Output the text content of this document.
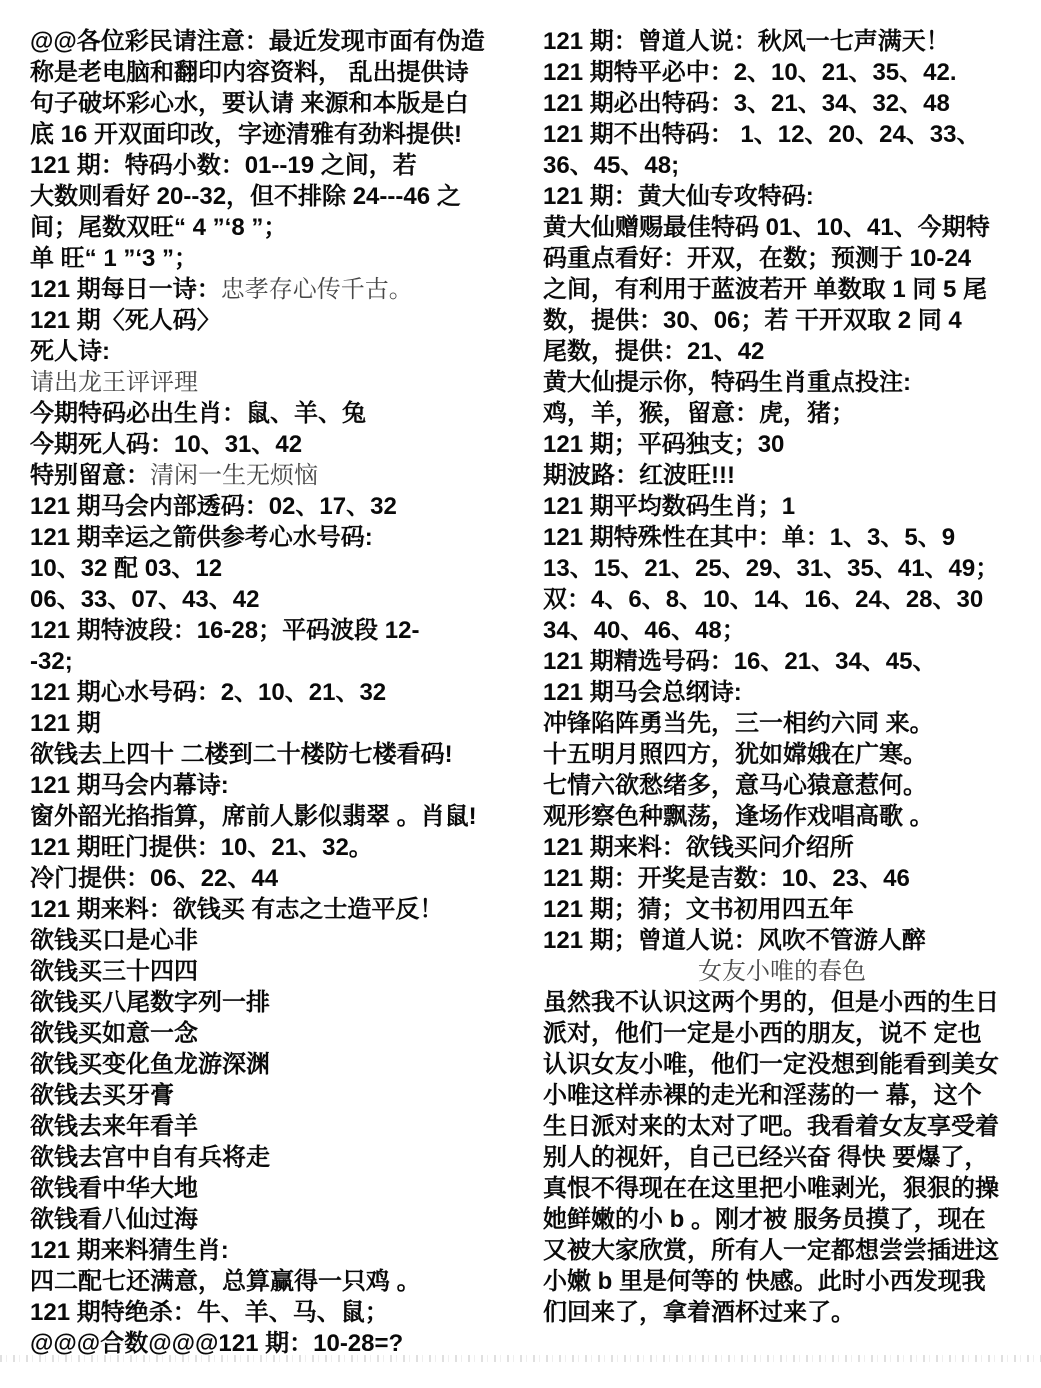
@@各位彩民请注意：最近发现市面有伪造
称是老电脑和翻印内容资料， 乱出提供诗
句子破坏彩心水，要认请 来源和本版是白
底 16 开双面印改，字迹清雅有劲料提供!
121 期：特码小数：01--19 之间，若
大数则看好 20--32，但不排除 24---46 之
间；尾数双旺“ 4 ”‘8 ”；
单 旺“ 1 ”‘3 ”；
121 期每日一诗：忠孝存心传千古。
121 期〈死人码〉
死人诗:
请出龙王评评理
今期特码必出生肖：鼠、羊、兔
今期死人码：10、31、42
特别留意：清闲一生无烦恼
121 期马会内部透码：02、17、32
121 期幸运之箭供参考心水号码:
10、32 配 03、12
06、33、07、43、42
121 期特波段：16-28；平码波段 12-
-32;
121 期心水号码：2、10、21、32
121 期
欲钱去上四十 二楼到二十楼防七楼看码!
121 期马会内幕诗:
窗外韶光掐指算，席前人影似翡翠 。肖鼠!
121 期旺门提供：10、21、32。
冷门提供：06、22、44
121 期来料：欲钱买 有志之士造平反！
欲钱买口是心非
欲钱买三十四四
欲钱买八尾数字列一排
欲钱买如意一念
欲钱买变化鱼龙游深渊
欲钱去买牙膏
欲钱去来年看羊
欲钱去宫中自有兵将走
欲钱看中华大地
欲钱看八仙过海
121 期来料猜生肖:
四二配七还满意，总算赢得一只鸡 。
121 期特绝杀：牛、羊、马、鼠；
@@@合数@@@121 期：10-28=?
121 期：曾道人说：秋风一七声满天！
121 期特平必中：2、10、21、35、42.
121 期必出特码：3、21、34、32、48
121 期不出特码： 1、12、20、24、33、
36、45、48;
121 期：黄大仙专攻特码:
黄大仙赠赐最佳特码 01、10、41、今期特
码重点看好：开双，在数；预测于 10-24
之间，有利用于蓝波若开 单数取 1 同 5 尾
数，提供：30、06；若 干开双取 2 同 4
尾数，提供：21、42
黄大仙提示你，特码生肖重点投注:
鸡，羊，猴，留意：虎，猪；
121 期；平码独支；30
期波路：红波旺!!!
121 期平均数码生肖；1
121 期特殊性在其中：单：1、3、5、9
13、15、21、25、29、31、35、41、49；
双：4、6、8、10、14、16、24、28、30
34、40、46、48；
121 期精选号码：16、21、34、45、
121 期马会总纲诗:
冲锋陷阵勇当先，三一相约六同 来。
十五明月照四方，犹如嫦娥在广寒。
七情六欲愁绪多，意马心猿意惹何。
观形察色种飘荡，逢场作戏唱高歌 。
121 期来料：欲钱买问介绍所
121 期：开奖是吉数：10、23、46
121 期；猜；文书初用四五年
121 期；曾道人说：风吹不管游人醉
女友小唯的春色
虽然我不认识这两个男的，但是小西的生日
派对，他们一定是小西的朋友，说不 定也
认识女友小唯，他们一定没想到能看到美女
小唯这样赤裸的走光和淫荡的一 幕，这个
生日派对来的太对了吧。我看着女友享受着
别人的视奸，自己已经兴奋 得快 要爆了，
真恨不得现在在这里把小唯剥光，狠狠的操
她鲜嫩的小 b 。刚才被 服务员摸了，现在
又被大家欣赏，所有人一定都想尝尝插进这
小嫩 b 里是何等的 快感。此时小西发现我
们回来了，拿着酒杯过来了。
